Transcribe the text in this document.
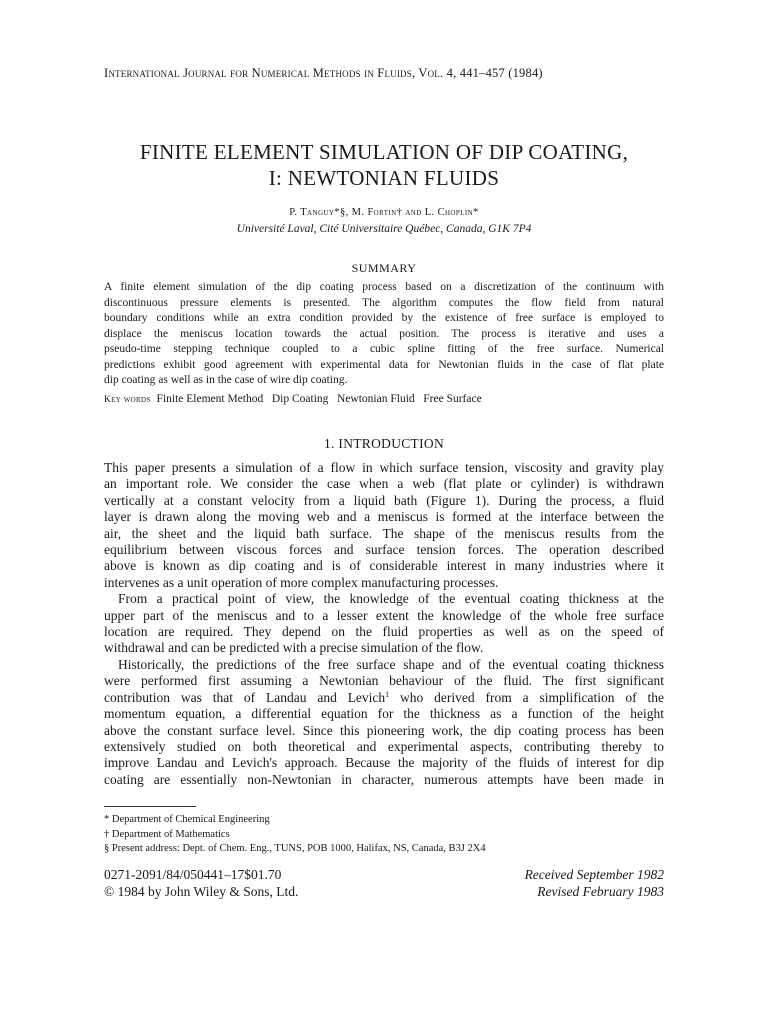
International Journal for Numerical Methods in Fluids, Vol. 4, 441–457 (1984)
FINITE ELEMENT SIMULATION OF DIP COATING,
I: NEWTONIAN FLUIDS
P. Tanguy*§, M. Fortin† and L. Choplin*
Université Laval, Cité Universitaire Québec, Canada, G1K 7P4
SUMMARY
A finite element simulation of the dip coating process based on a discretization of the continuum with
discontinuous pressure elements is presented. The algorithm computes the flow field from natural
boundary conditions while an extra condition provided by the existence of free surface is employed to
displace the meniscus location towards the actual position. The process is iterative and uses a
pseudo-time stepping technique coupled to a cubic spline fitting of the free surface. Numerical
predictions exhibit good agreement with experimental data for Newtonian fluids in the case of flat plate
dip coating as well as in the case of wire dip coating.
Key words Finite Element Method   Dip Coating   Newtonian Fluid   Free Surface
1. INTRODUCTION
This paper presents a simulation of a flow in which surface tension, viscosity and gravity play
an important role. We consider the case when a web (flat plate or cylinder) is withdrawn
vertically at a constant velocity from a liquid bath (Figure 1). During the process, a fluid
layer is drawn along the moving web and a meniscus is formed at the interface between the
air, the sheet and the liquid bath surface. The shape of the meniscus results from the
equilibrium between viscous forces and surface tension forces. The operation described
above is known as dip coating and is of considerable interest in many industries where it
intervenes as a unit operation of more complex manufacturing processes.
From a practical point of view, the knowledge of the eventual coating thickness at the
upper part of the meniscus and to a lesser extent the knowledge of the whole free surface
location are required. They depend on the fluid properties as well as on the speed of
withdrawal and can be predicted with a precise simulation of the flow.
Historically, the predictions of the free surface shape and of the eventual coating thickness
were performed first assuming a Newtonian behaviour of the fluid. The first significant
contribution was that of Landau and Levich$^1$ who derived from a simplification of the
momentum equation, a differential equation for the thickness as a function of the height
above the constant surface level. Since this pioneering work, the dip coating process has been
extensively studied on both theoretical and experimental aspects, contributing thereby to
improve Landau and Levich's approach. Because the majority of the fluids of interest for dip
coating are essentially non-Newtonian in character, numerous attempts have been made in
* Department of Chemical Engineering
† Department of Mathematics
§ Present address: Dept. of Chem. Eng., TUNS, POB 1000, Halifax, NS, Canada, B3J 2X4
0271-2091/84/050441–17$01.70
© 1984 by John Wiley & Sons, Ltd.
Received September 1982
Revised February 1983
